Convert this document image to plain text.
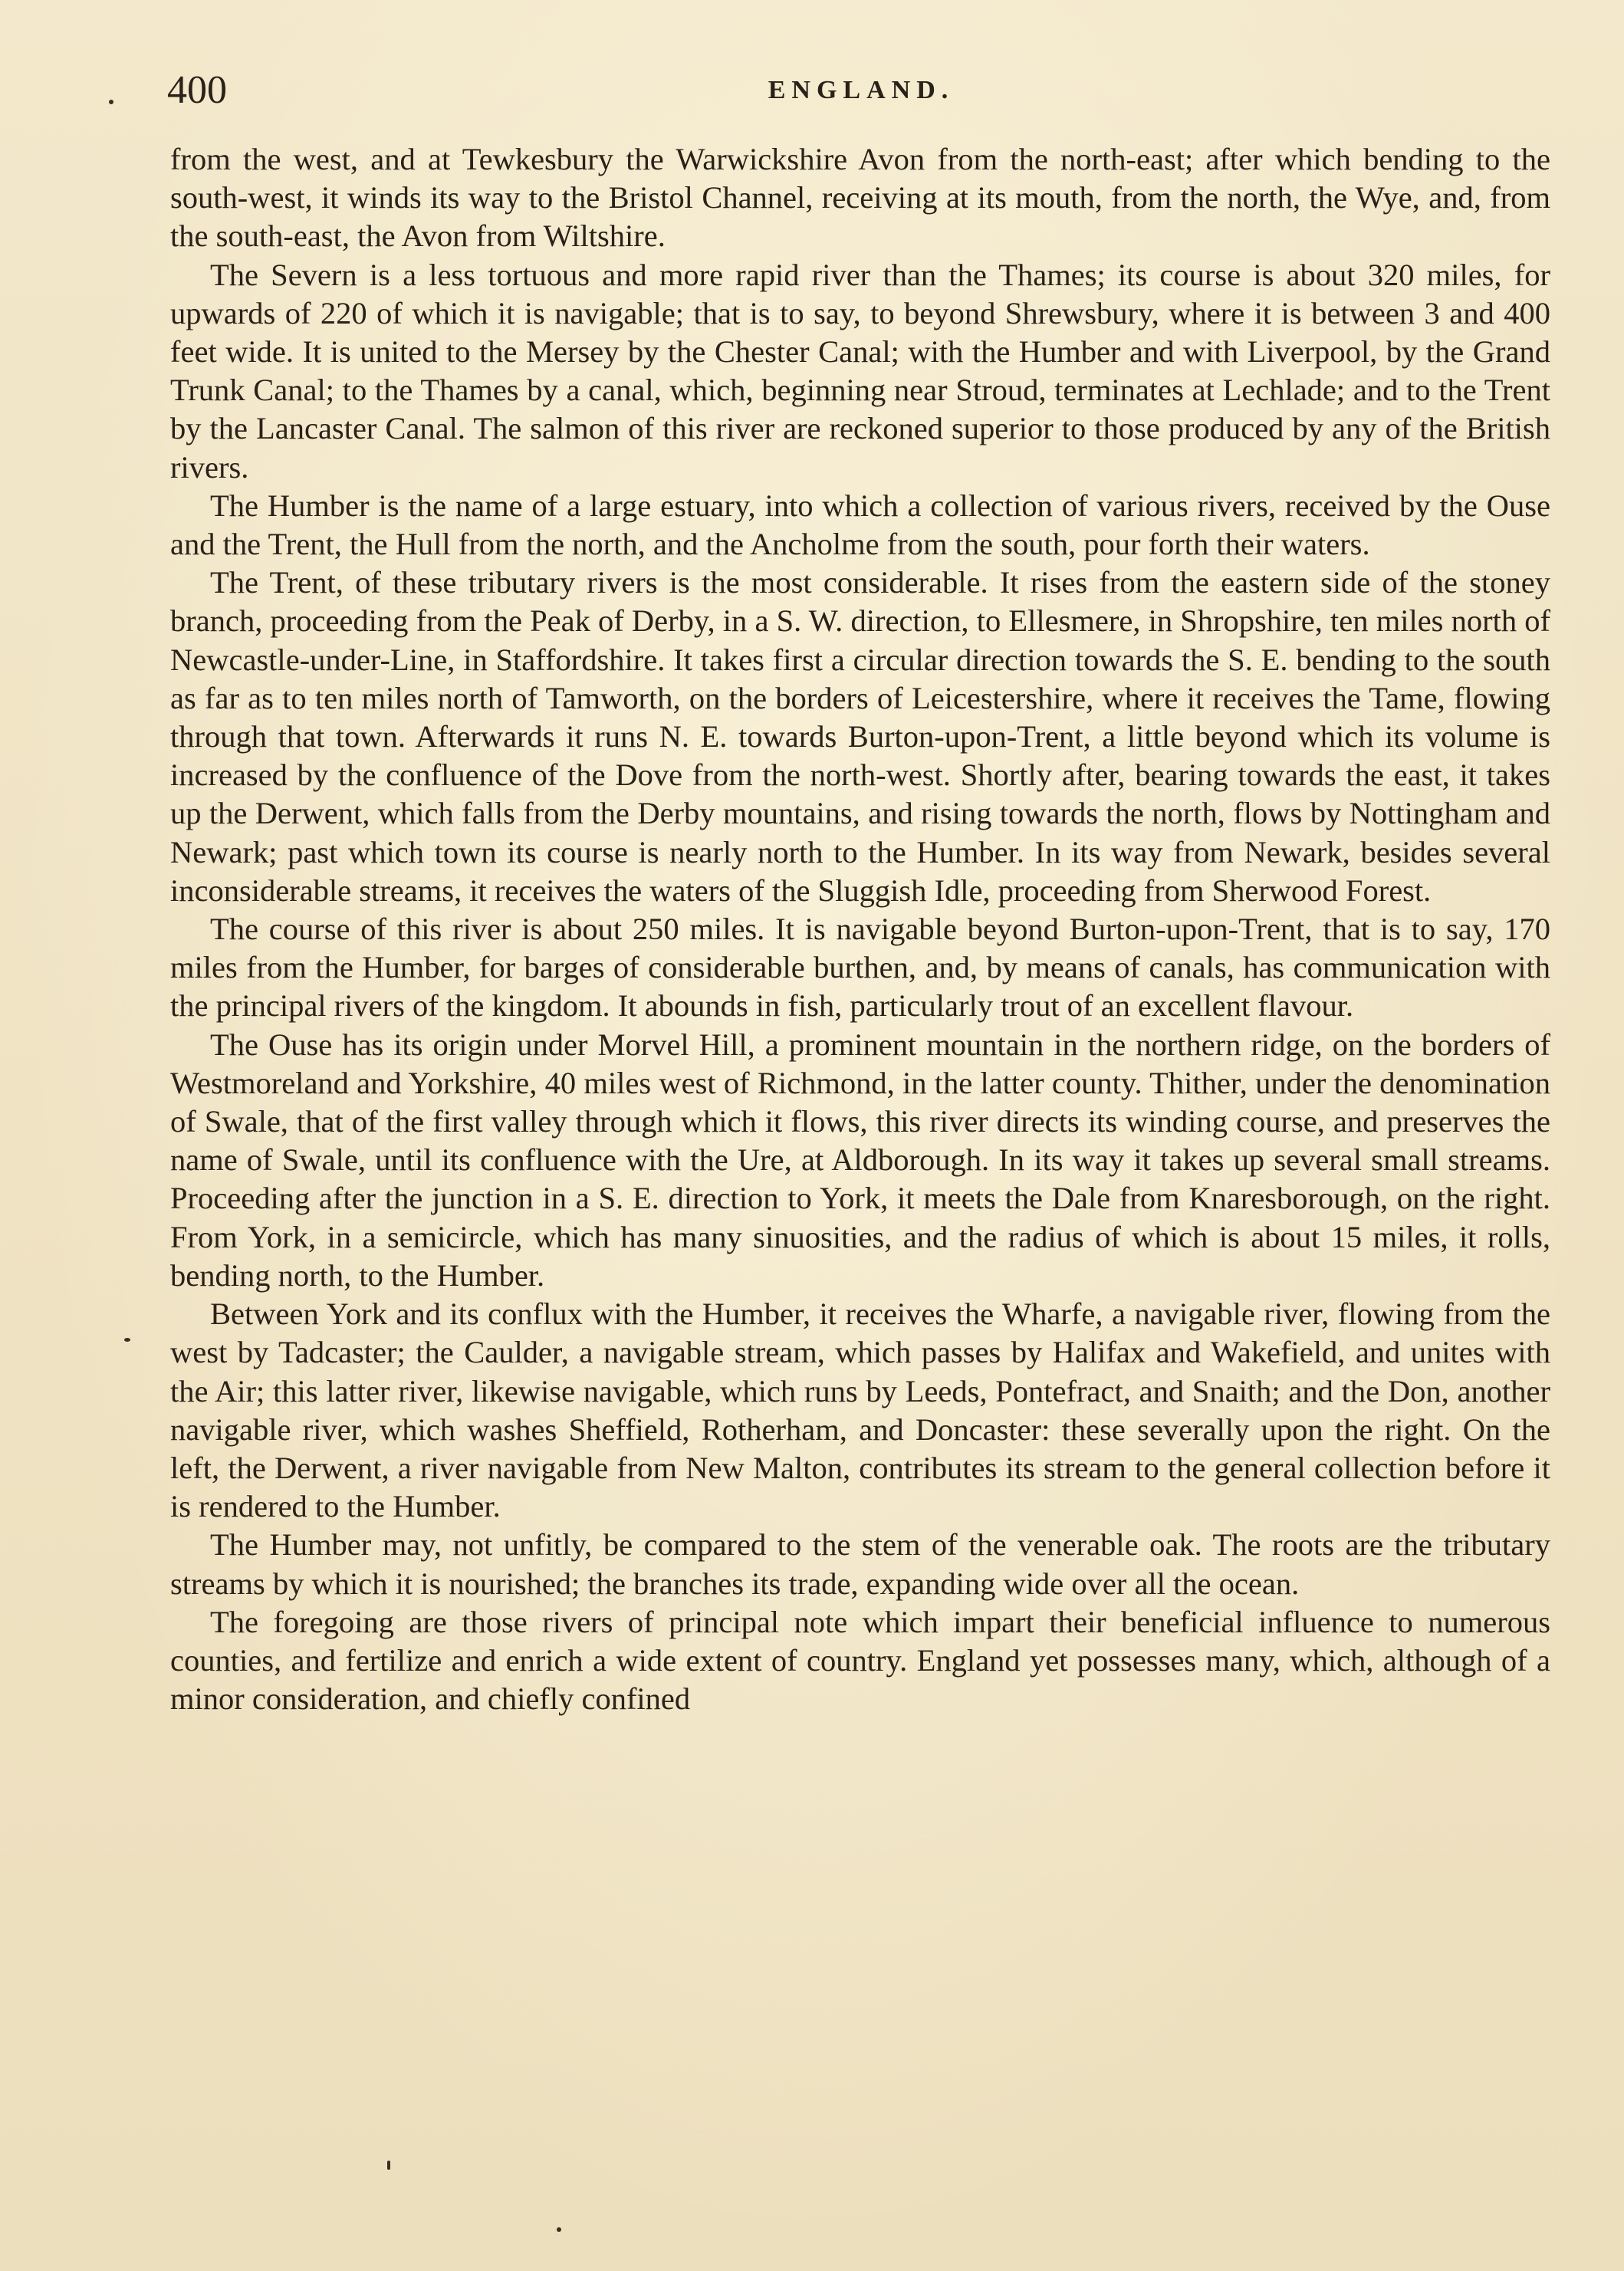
400	ENGLAND.

from the west, and at Tewkesbury the Warwickshire Avon from the north-east; after which bending to the south-west, it winds its way to the Bristol Channel, receiving at its mouth, from the north, the Wye, and, from the south-east, the Avon from Wiltshire.

The Severn is a less tortuous and more rapid river than the Thames; its course is about 320 miles, for upwards of 220 of which it is navigable; that is to say, to beyond Shrewsbury, where it is between 3 and 400 feet wide. It is united to the Mersey by the Chester Canal; with the Humber and with Liverpool, by the Grand Trunk Canal; to the Thames by a canal, which, beginning near Stroud, terminates at Lechlade; and to the Trent by the Lancaster Canal. The salmon of this river are reckoned superior to those produced by any of the British rivers.

The Humber is the name of a large estuary, into which a collection of various rivers, received by the Ouse and the Trent, the Hull from the north, and the Ancholme from the south, pour forth their waters.

The Trent, of these tributary rivers is the most considerable. It rises from the eastern side of the stoney branch, proceeding from the Peak of Derby, in a S. W. direction, to Ellesmere, in Shropshire, ten miles north of Newcastle-under-Line, in Staffordshire. It takes first a circular direction towards the S. E. bending to the south as far as to ten miles north of Tamworth, on the borders of Leicestershire, where it receives the Tame, flowing through that town. Afterwards it runs N. E. towards Burton-upon-Trent, a little beyond which its volume is increased by the confluence of the Dove from the north-west. Shortly after, bearing towards the east, it takes up the Derwent, which falls from the Derby mountains, and rising towards the north, flows by Nottingham and Newark; past which town its course is nearly north to the Humber. In its way from Newark, besides several inconsiderable streams, it receives the waters of the Sluggish Idle, proceeding from Sherwood Forest.

The course of this river is about 250 miles. It is navigable beyond Burton-upon-Trent, that is to say, 170 miles from the Humber, for barges of considerable burthen, and, by means of canals, has communication with the principal rivers of the kingdom. It abounds in fish, particularly trout of an excellent flavour.

The Ouse has its origin under Morvel Hill, a prominent mountain in the northern ridge, on the borders of Westmoreland and Yorkshire, 40 miles west of Richmond, in the latter county. Thither, under the denomination of Swale, that of the first valley through which it flows, this river directs its winding course, and preserves the name of Swale, until its confluence with the Ure, at Aldborough. In its way it takes up several small streams. Proceeding after the junction in a S. E. direction to York, it meets the Dale from Knaresborough, on the right. From York, in a semicircle, which has many sinuosities, and the radius of which is about 15 miles, it rolls, bending north, to the Humber.

Between York and its conflux with the Humber, it receives the Wharfe, a navigable river, flowing from the west by Tadcaster; the Caulder, a navigable stream, which passes by Halifax and Wakefield, and unites with the Air; this latter river, likewise navigable, which runs by Leeds, Pontefract, and Snaith; and the Don, another navigable river, which washes Sheffield, Rotherham, and Doncaster: these severally upon the right. On the left, the Derwent, a river navigable from New Malton, contributes its stream to the general collection before it is rendered to the Humber.

The Humber may, not unfitly, be compared to the stem of the venerable oak. The roots are the tributary streams by which it is nourished; the branches its trade, expanding wide over all the ocean.

The foregoing are those rivers of principal note which impart their beneficial influence to numerous counties, and fertilize and enrich a wide extent of country. England yet possesses many, which, although of a minor consideration, and chiefly confined
